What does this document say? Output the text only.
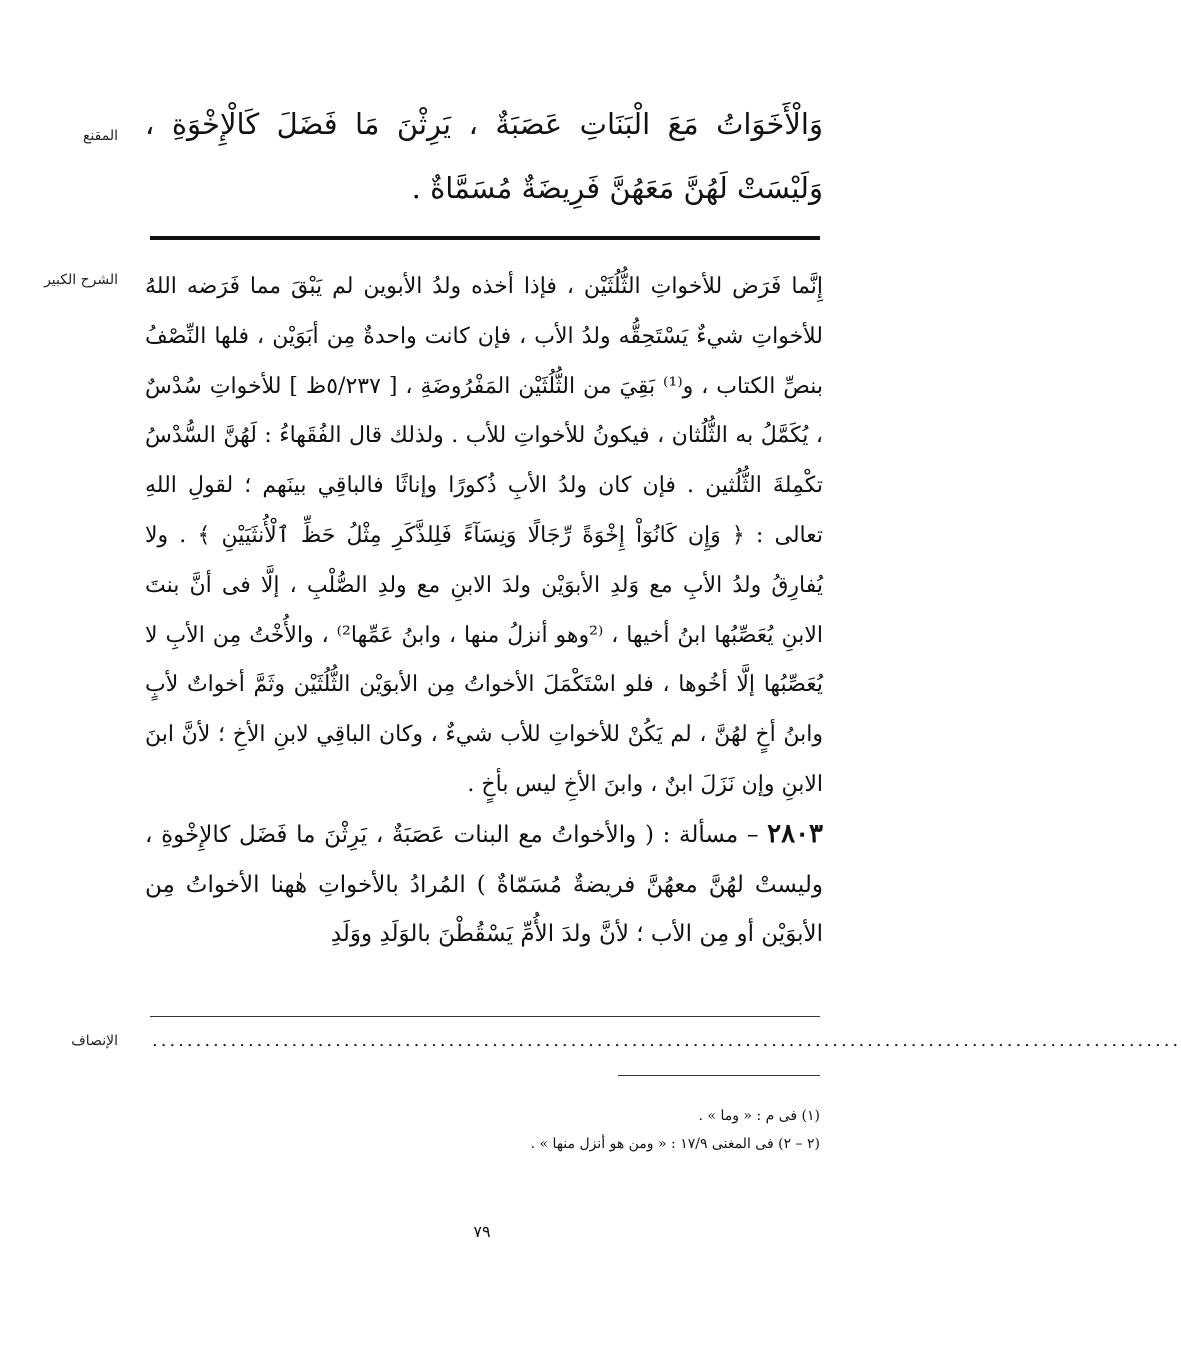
المقنع وَالْأَخَوَاتُ مَعَ الْبَنَاتِ عَصَبَةٌ ، يَرِثْنَ مَا فَضَلَ كَالْإِخْوَةِ ، وَلَيْسَتْ لَهُنَّ مَعَهُنَّ فَرِيضَةٌ مُسَمَّاةٌ .
الشرح الكبير إِنَّما فَرَض للأخواتِ الثُّلُثَيْن ، فإذا أخذه ولدُ الأبوين لم يَبْقَ مما فَرَضه اللهُ للأخواتِ شيءٌ يَسْتَحِقُّه ولدُ الأب ، فإن كانت واحدةٌ مِن أبَوَيْن ، فلها النِّصْفُ بنصِّ الكتاب ، و⁽¹⁾ بَقِيَ من الثُّلُثَيْن المَفْرُوضَةِ ، [ ٥/٢٣٧ظ ] للأخواتِ سُدْسٌ ، يُكَمَّلُ به الثُّلُثان ، فيكونُ للأخواتِ للأب . ولذلك قال الفُقَهاءُ : لَهُنَّ السُّدْسُ تكْمِلةَ الثُّلُثين . فإن كان ولدُ الأبِ ذُكورًا وإناثًا فالباقِي بينَهم ؛ لقولِ اللهِ تعالى : ﴿ وَإِن كَانُوٓاْ إِخْوَةً رِّجَالًا وَنِسَآءً فَلِلذَّكَرِ مِثْلُ حَظِّ ٱلْأُنثَيَيْنِ ﴾ . ولا يُفارِقُ ولدُ الأبِ مع وَلدِ الأبوَيْن ولدَ الابنِ مع ولدِ الصُّلْبِ ، إلَّا فى أنَّ بنتَ الابنِ يُعَصِّبُها ابنُ أخيها ، ⁽²وهو أنزلُ منها ، وابنُ عَمِّها²⁾ ، والأُخْتُ مِن الأبِ لا يُعَصِّبُها إلَّا أخُوها ، فلو اسْتَكْمَلَ الأخواتُ مِن الأبوَيْن الثُّلُثَيْن وثَمَّ أخواتٌ لأبٍ وابنُ أخٍ لهُنَّ ، لم يَكُنْ للأخواتِ للأب شيءٌ ، وكان الباقِي لابنِ الأخِ ؛ لأنَّ ابنَ الابنِ وإن نَزَلَ ابنٌ ، وابنَ الأخِ ليس بأخٍ .

٢٨٠٣ – مسألة : ( والأخواتُ مع البنات عَصَبَةٌ ، يَرِثْنَ ما فَضَل كالإِخْوةِ ، وليستْ لهُنَّ معهُنَّ فريضةٌ مُسَمّاةٌ ) المُرادُ بالأخواتِ هٰهنا الأخواتُ مِن الأبوَيْن أو مِن الأب ؛ لأنَّ ولدَ الأُمِّ يَسْقُطْنَ بالوَلَدِ ووَلَدِ

الإنصاف ......................................................................................................................
(١) فى م : « وما » .
(٢ – ٢) فى المغنى ١٧/٩ : « ومن هو أنزل منها » .
٧٩
